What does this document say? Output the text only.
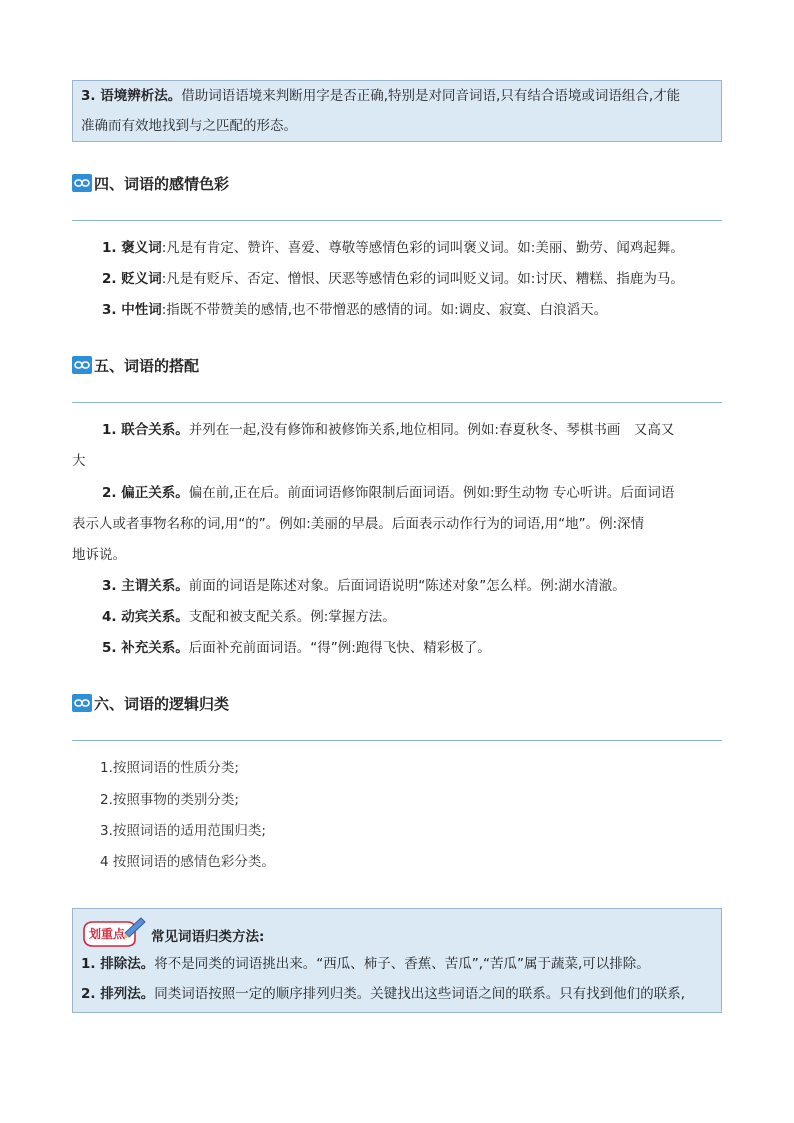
3. 语境辨析法。借助词语语境来判断用字是否正确,特别是对同音词语,只有结合语境或词语组合,才能
准确而有效地找到与之匹配的形态。
四、词语的感情色彩
1. 褒义词:凡是有肯定、赞许、喜爱、尊敬等感情色彩的词叫褒义词。如:美丽、勤劳、闻鸡起舞。
2. 贬义词:凡是有贬斥、否定、憎恨、厌恶等感情色彩的词叫贬义词。如:讨厌、糟糕、指鹿为马。
3. 中性词:指既不带赞美的感情,也不带憎恶的感情的词。如:调皮、寂寞、白浪滔天。
五、词语的搭配
1. 联合关系。并列在一起,没有修饰和被修饰关系,地位相同。例如:春夏秋冬、琴棋书画　又高又
大
2. 偏正关系。偏在前,正在后。前面词语修饰限制后面词语。例如:野生动物 专心听讲。后面词语
表示人或者事物名称的词,用“的”。例如:美丽的早晨。后面表示动作行为的词语,用“地”。例:深情
地诉说。
3. 主谓关系。前面的词语是陈述对象。后面词语说明“陈述对象”怎么样。例:湖水清澈。
4. 动宾关系。支配和被支配关系。例:掌握方法。
5. 补充关系。后面补充前面词语。“得”例:跑得飞快、精彩极了。
六、词语的逻辑归类
1.按照词语的性质分类;
2.按照事物的类别分类;
3.按照词语的适用范围归类;
4 按照词语的感情色彩分类。
划重点 常见词语归类方法:
1. 排除法。将不是同类的词语挑出来。“西瓜、柿子、香蕉、苦瓜”,“苦瓜”属于蔬菜,可以排除。
2. 排列法。同类词语按照一定的顺序排列归类。关键找出这些词语之间的联系。只有找到他们的联系,
